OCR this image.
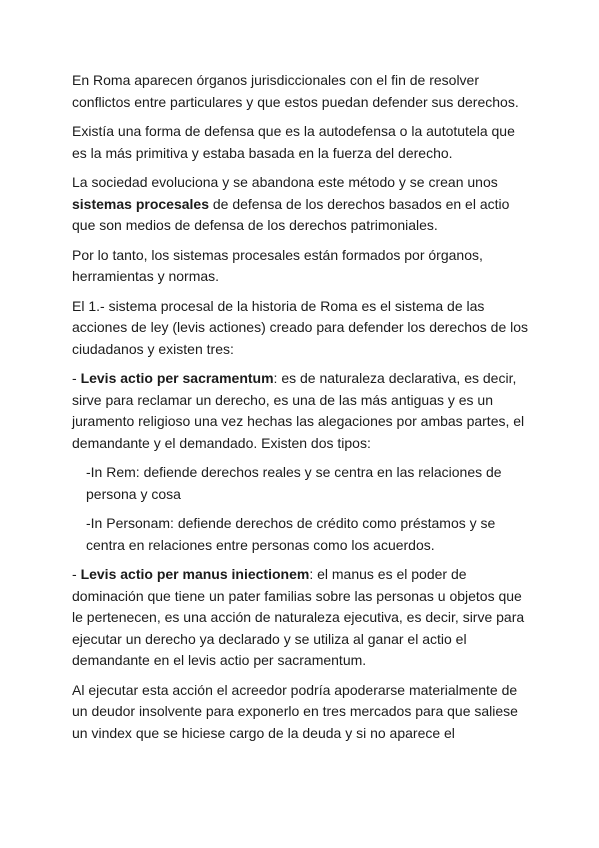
En Roma aparecen órganos jurisdiccionales con el fin de resolver conflictos entre particulares y que estos puedan defender sus derechos.

Existía una forma de defensa que es la autodefensa o la autotutela que es la más primitiva y estaba basada en la fuerza del derecho.

La sociedad evoluciona y se abandona este método y se crean unos sistemas procesales de defensa de los derechos basados en el actio que son medios de defensa de los derechos patrimoniales.

Por lo tanto, los sistemas procesales están formados por órganos, herramientas y normas.

El 1.- sistema procesal de la historia de Roma es el sistema de las acciones de ley (levis actiones) creado para defender los derechos de los ciudadanos y existen tres:

- Levis actio per sacramentum: es de naturaleza declarativa, es decir, sirve para reclamar un derecho, es una de las más antiguas y es un juramento religioso una vez hechas las alegaciones por ambas partes, el demandante y el demandado. Existen dos tipos:

-In Rem: defiende derechos reales y se centra en las relaciones de persona y cosa

-In Personam: defiende derechos de crédito como préstamos y se centra en relaciones entre personas como los acuerdos.

- Levis actio per manus iniectionem: el manus es el poder de dominación que tiene un pater familias sobre las personas u objetos que le pertenecen, es una acción de naturaleza ejecutiva, es decir, sirve para ejecutar un derecho ya declarado y se utiliza al ganar el actio el demandante en el levis actio per sacramentum.

Al ejecutar esta acción el acreedor podría apoderarse materialmente de un deudor insolvente para exponerlo en tres mercados para que saliese un vindex que se hiciese cargo de la deuda y si no aparece el
